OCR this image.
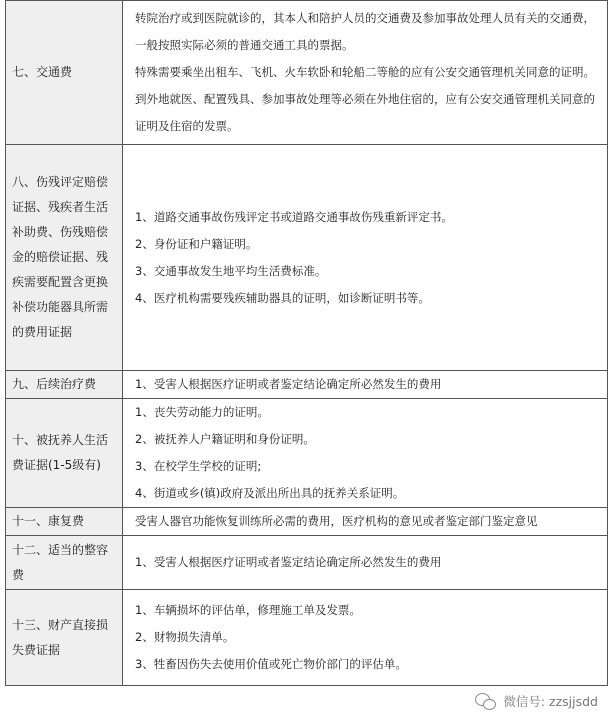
七、交通费	转院治疗或到医院就诊的，其本人和陪护人员的交通费及参加事故处理人员有关的交通费，

一般按照实际必须的普通交通工具的票据。

特殊需要乘坐出租车、飞机、火车软卧和轮船二等舱的应有公安交通管理机关同意的证明。

到外地就医、配置残具、参加事故处理等必须在外地住宿的，应有公安交通管理机关同意的

证明及住宿的发票。

八、伤残评定赔偿证据、残疾者生活补助费、伤残赔偿金的赔偿证据、残疾需要配置含更换补偿功能器具所需的费用证据	1、道路交通事故伤残评定书或道路交通事故伤残重新评定书。

2、身份证和户籍证明。

3、交通事故发生地平均生活费标准。

4、医疗机构需要残疾辅助器具的证明，如诊断证明书等。

九、后续治疗费	1、受害人根据医疗证明或者鉴定结论确定所必然发生的费用

十、被抚养人生活费证据(1-5级有)	1、丧失劳动能力的证明。

2、被抚养人户籍证明和身份证明。

3、在校学生学校的证明;

4、街道或乡(镇)政府及派出所出具的抚养关系证明。

十一、康复费	受害人器官功能恢复训练所必需的费用，医疗机构的意见或者鉴定部门鉴定意见

十二、适当的整容费	1、受害人根据医疗证明或者鉴定结论确定所必然发生的费用

十三、财产直接损失费证据	1、车辆损坏的评估单，修理施工单及发票。

2、财物损失清单。

3、牲畜因伤失去使用价值或死亡物价部门的评估单。

微信号: zzsjjsdd
